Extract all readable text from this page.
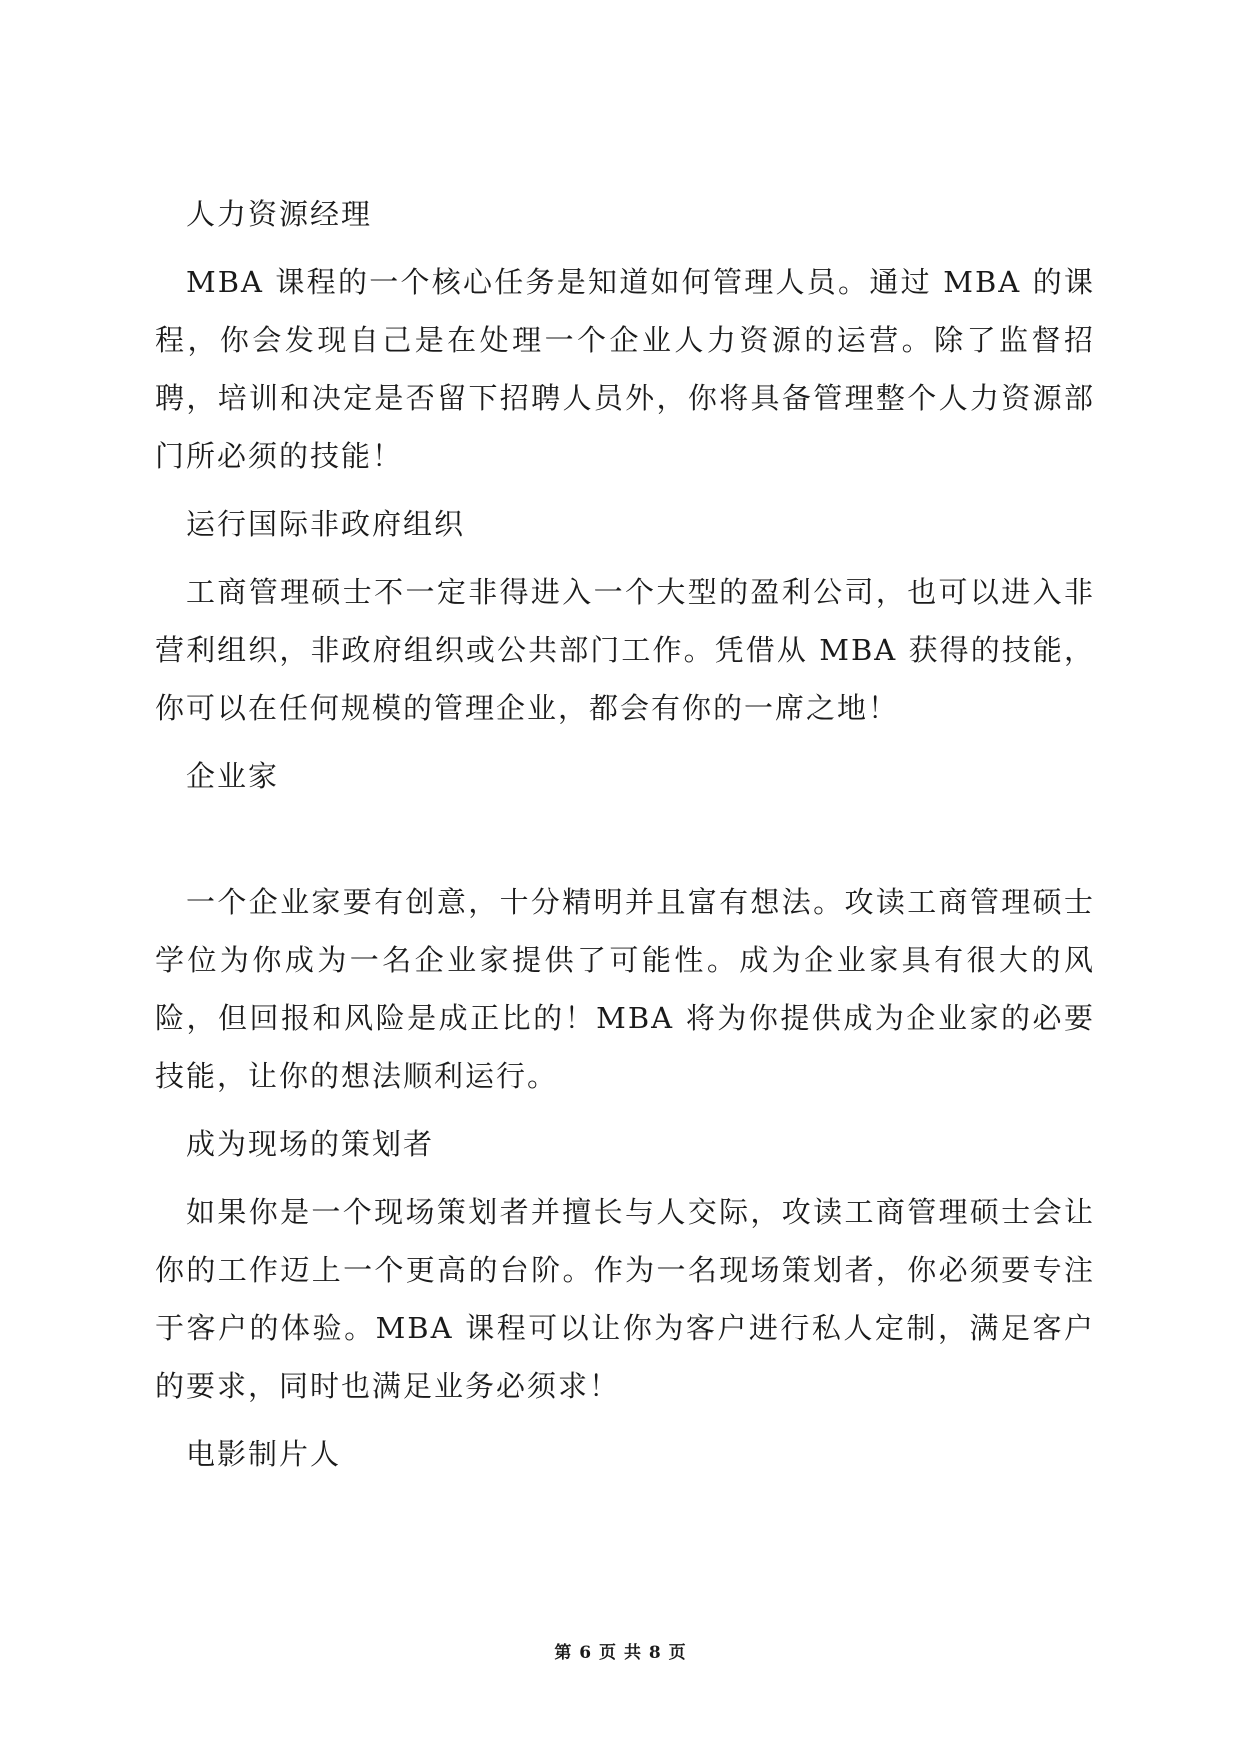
人力资源经理
MBA 课程的一个核心任务是知道如何管理人员。通过 MBA 的课程，你会发现自己是在处理一个企业人力资源的运营。除了监督招聘，培训和决定是否留下招聘人员外，你将具备管理整个人力资源部门所必须的技能！
运行国际非政府组织
工商管理硕士不一定非得进入一个大型的盈利公司，也可以进入非营利组织，非政府组织或公共部门工作。凭借从 MBA 获得的技能，你可以在任何规模的管理企业，都会有你的一席之地！
企业家
一个企业家要有创意，十分精明并且富有想法。攻读工商管理硕士学位为你成为一名企业家提供了可能性。成为企业家具有很大的风险，但回报和风险是成正比的！MBA 将为你提供成为企业家的必要技能，让你的想法顺利运行。
成为现场的策划者
如果你是一个现场策划者并擅长与人交际，攻读工商管理硕士会让你的工作迈上一个更高的台阶。作为一名现场策划者，你必须要专注于客户的体验。MBA 课程可以让你为客户进行私人定制，满足客户的要求，同时也满足业务必须求！
电影制片人
第 6 页 共 8 页
